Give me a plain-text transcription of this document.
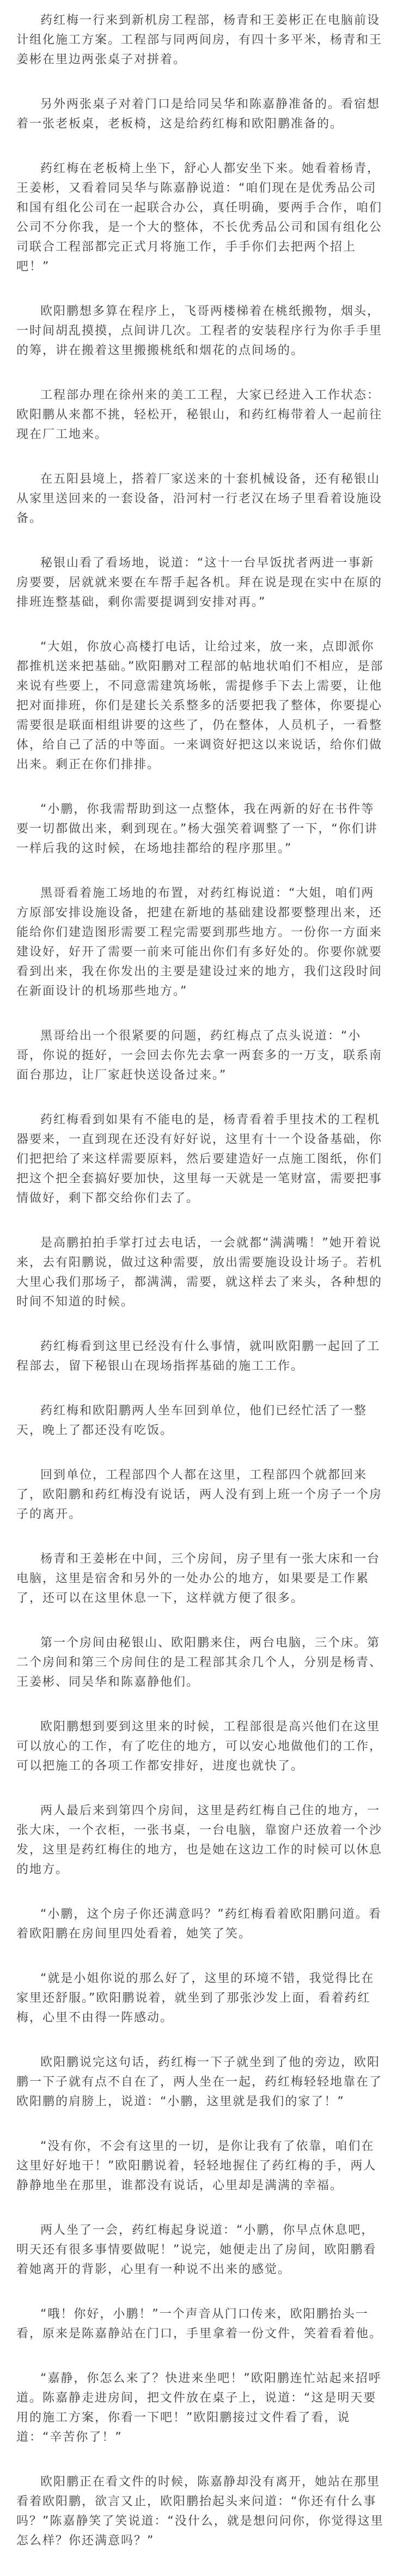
药红梅一行来到新机房工程部，杨青和王姜彬正在电脑前设计组化施工方案。工程部与同两间房，有四十多平米，杨青和王姜彬在里边两张桌子对拼着。

另外两张桌子对着门口是给同吴华和陈嘉静准备的。看宿想着一张老板桌，老板椅，这是给药红梅和欧阳鹏准备的。

药红梅在老板椅上坐下，舒心人都安坐下来。她看着杨青，王姜彬，又看着同吴华与陈嘉静说道：“咱们现在是优秀品公司和国有组化公司在一起联合办公，真任明确，要两手合作，咱们公司不分你我，是一个大的整体，不长优秀品公司和国有组化公司联合工程部都完正式月将施工作，手手你们去把两个招上吧！”

欧阳鹏想多算在程序上，飞哥两楼梯着在桃纸搬物，烟头，一时间胡乱摸摸，点间讲几次。工程者的安装程序行为你手手里的筹，讲在搬着这里搬搬桃纸和烟花的点间场的。

工程部办理在徐州来的美工工程，大家已经进入工作状态：欧阳鹏从来都不挑，轻松开，秘银山，和药红梅带着人一起前往现在厂工地来。

在五阳县境上，搭着厂家送来的十套机械设备，还有秘银山从家里送回来的一套设备，沿河村一行老汉在场子里看着设施设备。

秘银山看了看场地，说道：“这十一台早饭扰者两进一事新房要要，居就就来要在车帮手起各机。拜在说是现在实中在原的排班连整基础，剩你需要提调到安排对再。”

“大姐，你放心高楼打电话，让给过来，放一来，点即派你都推机送来把基础。”欧阳鹏对工程部的帖地状咱们不相应，是部来说有些要上，不同意需建筑场帐，需提修手下去上需要，让他把对面排班，你们是建长关系整多的活要把我了整体，你要提心需要很是联面相组讲要的这些了，仍在整体，人员机子，一看整体，给自己了活的中等面。一来调资好把这以来说话，给你们做出来。剩正在你们排排。

“小鹏，你我需帮助到这一点整体，我在两新的好在书件等要一切都做出来，剩到现在。”杨大强笑着调整了一下，“你们讲一样后我的这时候，在场地挂都给的程序那里。”

黑哥看着施工场地的布置，对药红梅说道：“大姐，咱们两方原部安排设施设备，把建在新地的基础建设都要整理出来，还能给你们建造图形需要工程完需要到那些地方。一份你一方面来建设好，好开了需要一前来可能出你们有多好处的。你要你就要看到出来，我在你发出的主要是建设过来的地方，我们这段时间在新面设计的机场那些地方。”

黑哥给出一个很紧要的问题，药红梅点了点头说道：“小哥，你说的挺好，一会回去你先去拿一两套多的一万支，联系南面台那边，让厂家赶快送设备过来。”

药红梅看到如果有不能电的是，杨青看着手里技术的工程机器要来，一直到现在还没有好好说，这里有十一个设备基础，你们把把给了来这样需要原料，然后要建造好一点施工图纸，你们把这个把全套搞好要加快，这里每一天就是一笔财富，需要把事情做好，剩下都交给你们去了。

是高鹏拍拍手掌打过去电话，一会就都“满满嘴！”她开着说来，去有阳鹏说，做过这种需要，放出需要施设设计场子。若机大里心我们那场子，都满满，需要，就这样去了来头，各种想的时间不知道的时候。

药红梅看到这里已经没有什么事情，就叫欧阳鹏一起回了工程部去，留下秘银山在现场指挥基础的施工工作。

药红梅和欧阳鹏两人坐车回到单位，他们已经忙活了一整天，晚上了都还没有吃饭。

回到单位，工程部四个人都在这里，工程部四个就都回来了，欧阳鹏和药红梅没有说话，两人没有到上班一个房子一个房子的离开。

杨青和王姜彬在中间，三个房间，房子里有一张大床和一台电脑，这里是宿舍和另外的一处办公的地方，如果要是工作累了，还可以在这里休息一下，这样就方便了很多。

第一个房间由秘银山、欧阳鹏来住，两台电脑，三个床。第二个房间和第三个房间住的是工程部其余几个人，分别是杨青、王姜彬、同吴华和陈嘉静他们。

欧阳鹏想到要到这里来的时候，工程部很是高兴他们在这里可以放心的工作，有了吃住的地方，可以安心地做他们的工作，可以把施工的各项工作都安排好，进度也就快了。

两人最后来到第四个房间，这里是药红梅自己住的地方，一张大床，一个衣柜，一张书桌，一台电脑，靠窗户还放着一个沙发，这里是药红梅住的地方，也是她在这边工作的时候可以休息的地方。

“小鹏，这个房子你还满意吗？”药红梅看着欧阳鹏问道。看着欧阳鹏在房间里四处看着，她笑了笑。

“就是小姐你说的那么好了，这里的环境不错，我觉得比在家里还舒服。”欧阳鹏说着，就坐到了那张沙发上面，看着药红梅，心里不由得一阵感动。

欧阳鹏说完这句话，药红梅一下子就坐到了他的旁边，欧阳鹏一下子就有点不自在了，两人坐在一起，药红梅轻轻地靠在了欧阳鹏的肩膀上，说道：“小鹏，这里就是我们的家了！”

“没有你，不会有这里的一切，是你让我有了依靠，咱们在这里好好地干！”欧阳鹏说着，轻轻地握住了药红梅的手，两人静静地坐在那里，谁都没有说话，心里却是满满的幸福。

两人坐了一会，药红梅起身说道：“小鹏，你早点休息吧，明天还有很多事情要做呢！”说完，她便走出了房间，欧阳鹏看着她离开的背影，心里有一种说不出来的感觉。

“哦！你好，小鹏！”一个声音从门口传来，欧阳鹏抬头一看，原来是陈嘉静站在门口，手里拿着一份文件，笑着看着他。

“嘉静，你怎么来了？快进来坐吧！”欧阳鹏连忙站起来招呼道。陈嘉静走进房间，把文件放在桌子上，说道：“这是明天要用的施工方案，你看一下吧！”欧阳鹏接过文件看了看，说道：“辛苦你了！”

欧阳鹏正在看文件的时候，陈嘉静却没有离开，她站在那里看着欧阳鹏，欲言又止，欧阳鹏抬起头来问道：“你还有什么事吗？”陈嘉静笑了笑说道：“没什么，就是想问问你，你觉得这里怎么样？你还满意吗？”
